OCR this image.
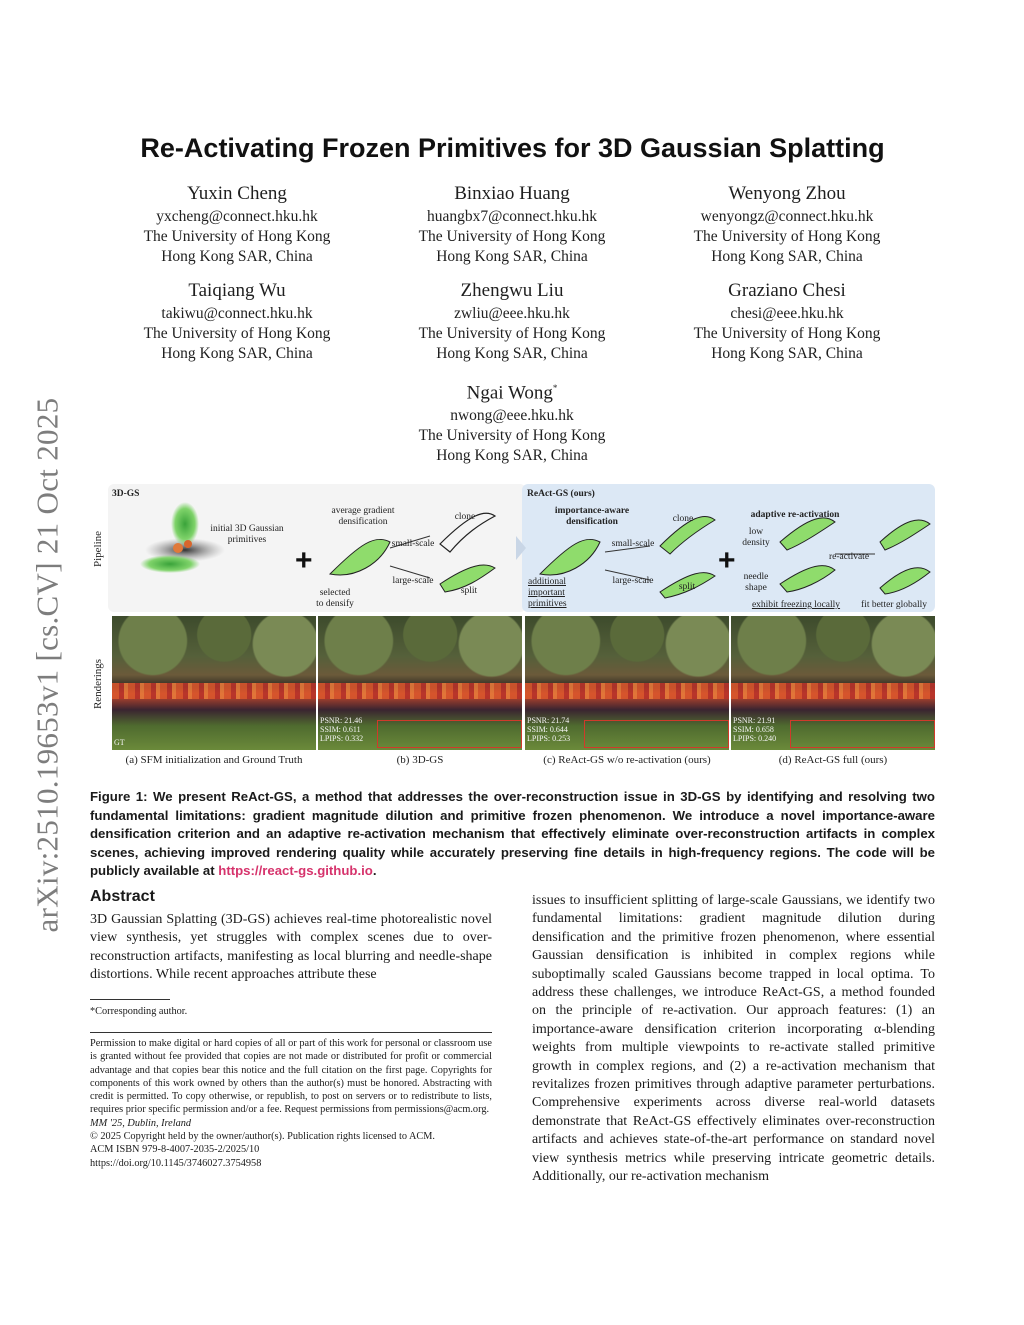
arXiv:2510.19653v1 [cs.CV] 21 Oct 2025
Re-Activating Frozen Primitives for 3D Gaussian Splatting
Yuxin Cheng
yxcheng@connect.hku.hk
The University of Hong Kong
Hong Kong SAR, China
Binxiao Huang
huangbx7@connect.hku.hk
The University of Hong Kong
Hong Kong SAR, China
Wenyong Zhou
wenyongz@connect.hku.hk
The University of Hong Kong
Hong Kong SAR, China
Taiqiang Wu
takiwu@connect.hku.hk
The University of Hong Kong
Hong Kong SAR, China
Zhengwu Liu
zwliu@eee.hku.hk
The University of Hong Kong
Hong Kong SAR, China
Graziano Chesi
chesi@eee.hku.hk
The University of Hong Kong
Hong Kong SAR, China
Ngai Wong*
nwong@eee.hku.hk
The University of Hong Kong
Hong Kong SAR, China
Pipeline
Renderings
3D-GS	ReAct-GS (ours)
+	+
initial 3D Gaussian
primitives
average gradient
densification
selected
to densify
small-scale
large-scale
clone
split
importance-aware
densification
additional
important
primitives
small-scale
large-scale
clone
split
adaptive re-activation
low
density
needle
shape
re-activate
exhibit freezing locally	fit better globally
GT
PSNR: 21.46
SSIM: 0.611
LPIPS: 0.332
PSNR: 21.74
SSIM: 0.644
LPIPS: 0.253
PSNR: 21.91
SSIM: 0.658
LPIPS: 0.240
(a) SFM initialization and Ground Truth	(b) 3D-GS	(c) ReAct-GS w/o re-activation (ours)	(d) ReAct-GS full (ours)
Figure 1: We present ReAct-GS, a method that addresses the over-reconstruction issue in 3D-GS by identifying and resolving two fundamental limitations: gradient magnitude dilution and primitive frozen phenomenon. We introduce a novel importance-aware densification criterion and an adaptive re-activation mechanism that effectively eliminate over-reconstruction artifacts in complex scenes, achieving improved rendering quality while accurately preserving fine details in high-frequency regions. The code will be publicly available at https://react-gs.github.io.
Abstract

3D Gaussian Splatting (3D-GS) achieves real-time photorealistic novel view synthesis, yet struggles with complex scenes due to over-reconstruction artifacts, manifesting as local blurring and needle-shape distortions. While recent approaches attribute these

*Corresponding author.

Permission to make digital or hard copies of all or part of this work for personal or classroom use is granted without fee provided that copies are not made or distributed for profit or commercial advantage and that copies bear this notice and the full citation on the first page. Copyrights for components of this work owned by others than the author(s) must be honored. Abstracting with credit is permitted. To copy otherwise, or republish, to post on servers or to redistribute to lists, requires prior specific permission and/or a fee. Request permissions from permissions@acm.org.

MM '25, Dublin, Ireland

© 2025 Copyright held by the owner/author(s). Publication rights licensed to ACM.

ACM ISBN 979-8-4007-2035-2/2025/10

https://doi.org/10.1145/3746027.3754958

issues to insufficient splitting of large-scale Gaussians, we identify two fundamental limitations: gradient magnitude dilution during densification and the primitive frozen phenomenon, where essential Gaussian densification is inhibited in complex regions while suboptimally scaled Gaussians become trapped in local optima. To address these challenges, we introduce ReAct-GS, a method founded on the principle of re-activation. Our approach features: (1) an importance-aware densification criterion incorporating α-blending weights from multiple viewpoints to re-activate stalled primitive growth in complex regions, and (2) a re-activation mechanism that revitalizes frozen primitives through adaptive parameter perturbations. Comprehensive experiments across diverse real-world datasets demonstrate that ReAct-GS effectively eliminates over-reconstruction artifacts and achieves state-of-the-art performance on standard novel view synthesis metrics while preserving intricate geometric details. Additionally, our re-activation mechanism
